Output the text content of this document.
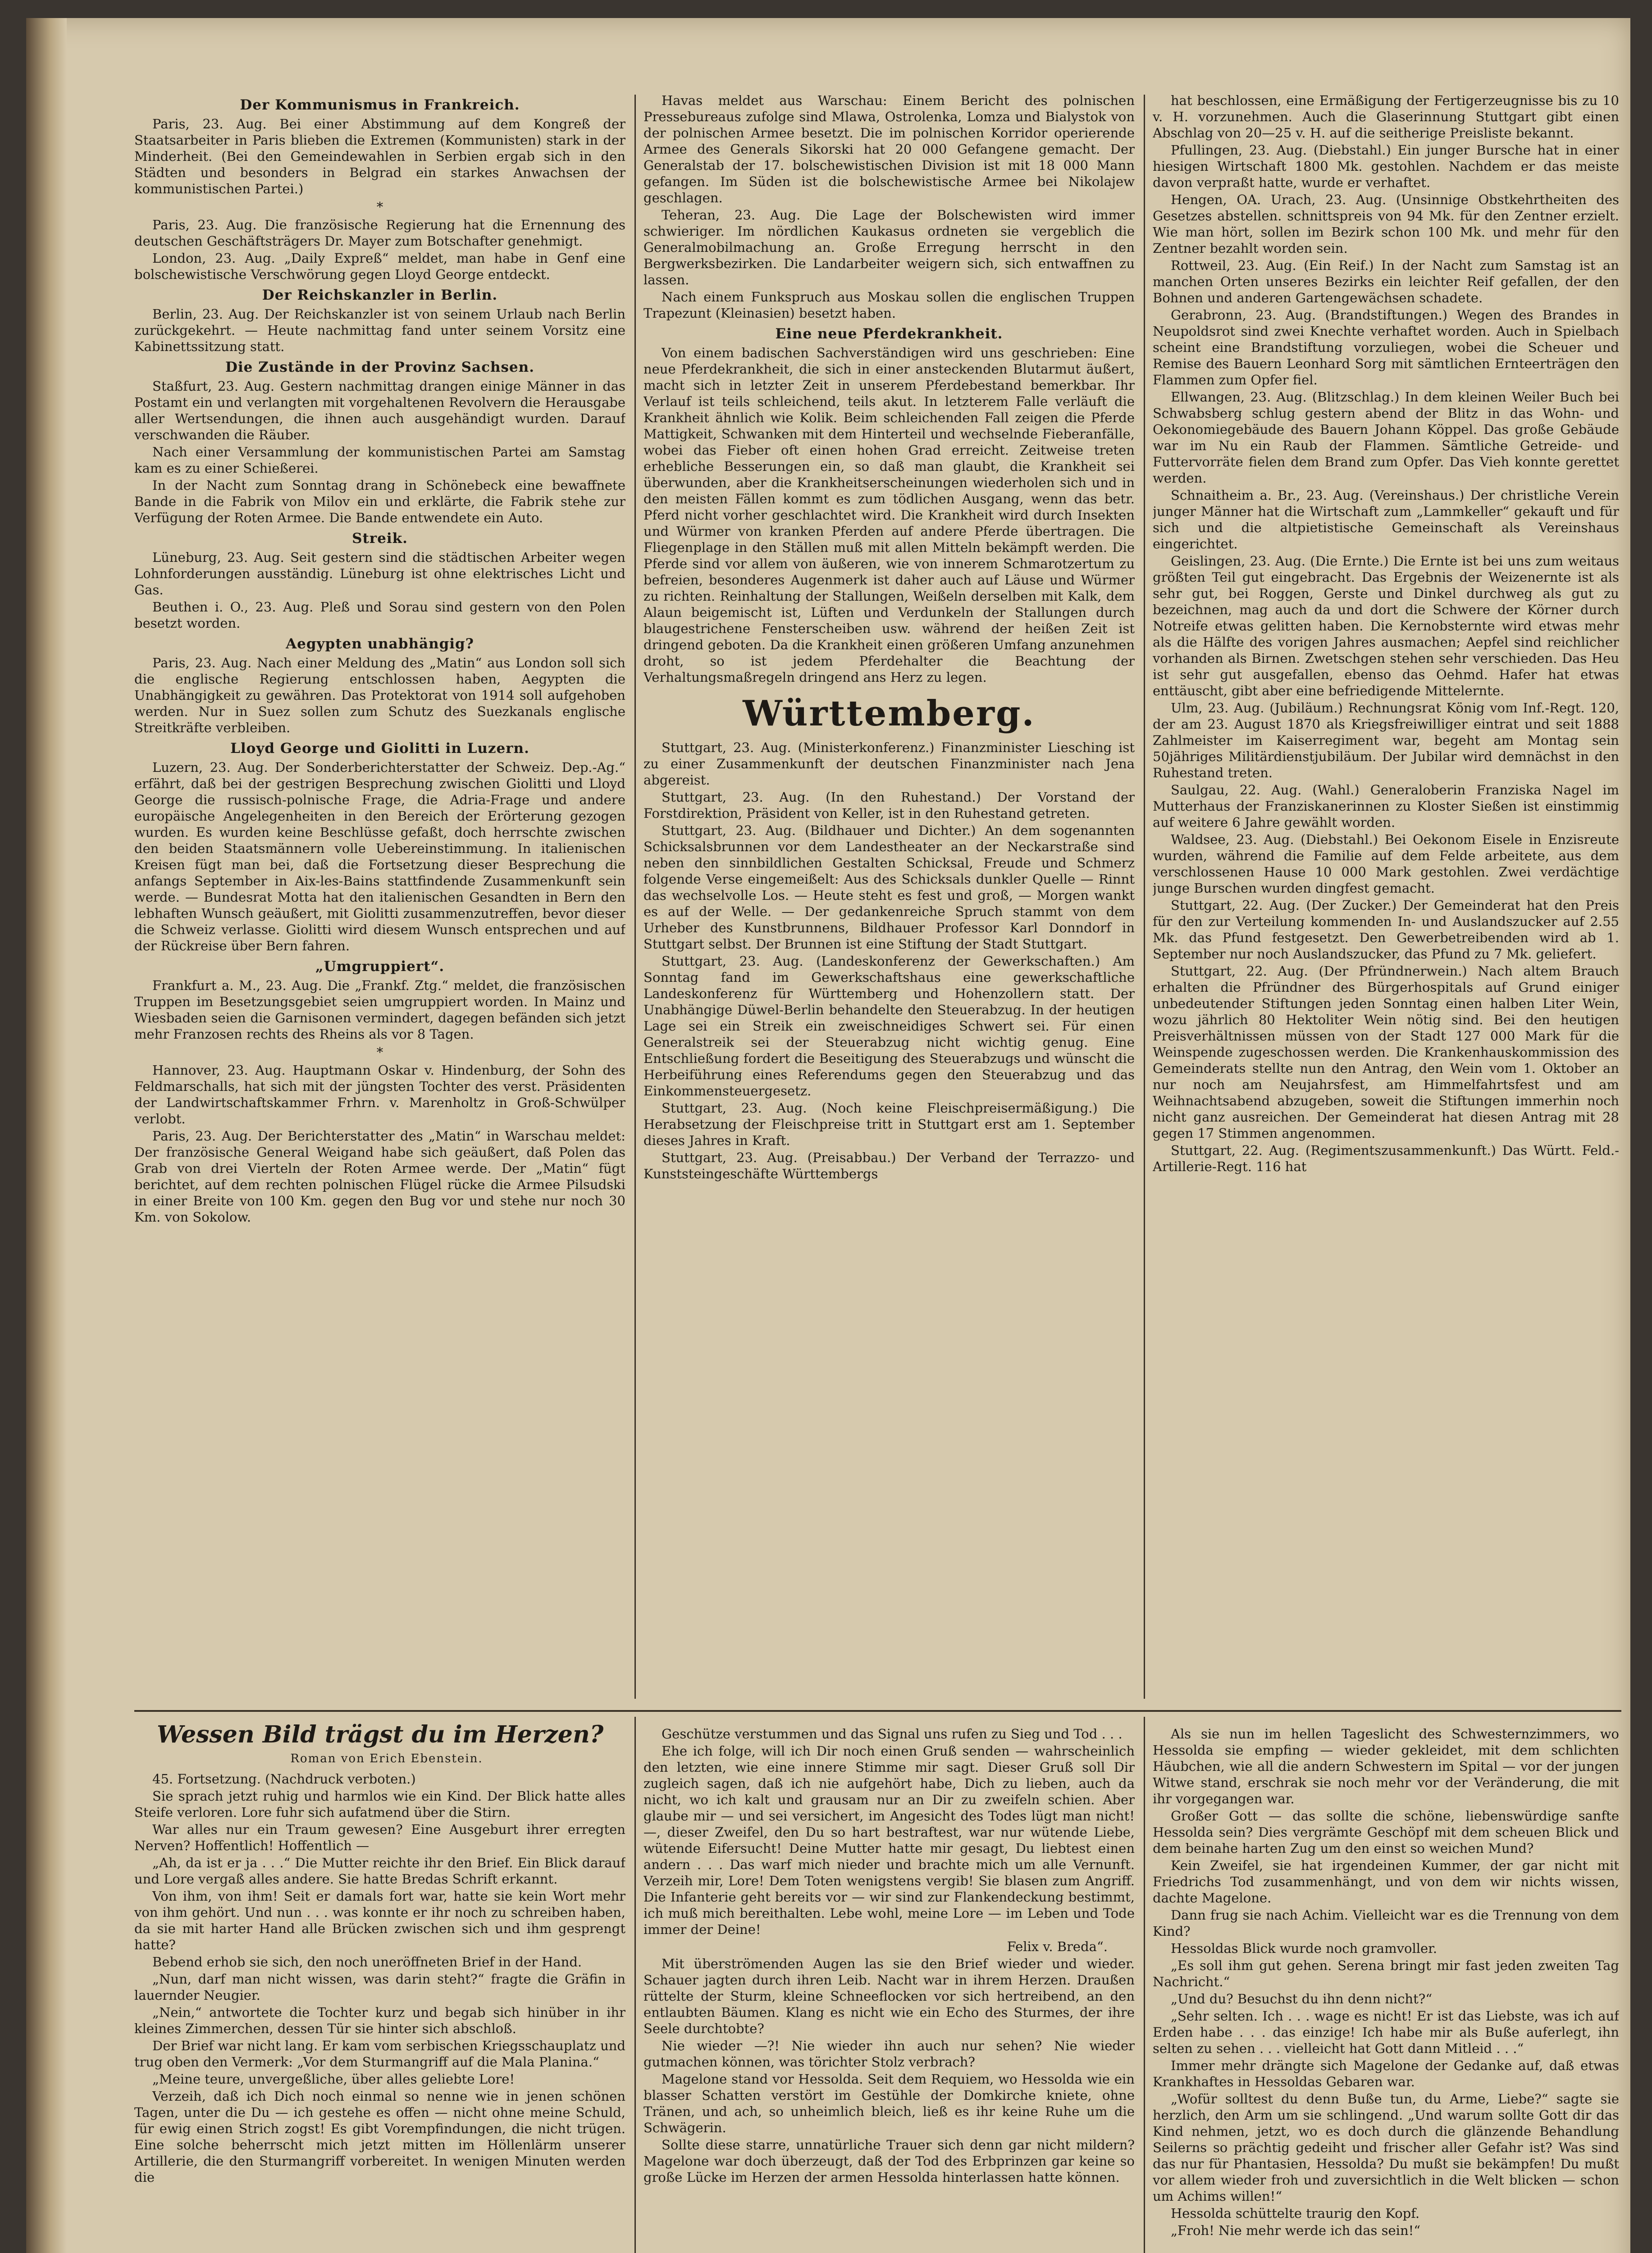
Der Kommunismus in Frankreich.

Paris, 23. Aug. Bei einer Abstimmung auf dem Kongreß der Staatsarbeiter in Paris blieben die Extremen (Kommunisten) stark in der Minderheit. (Bei den Gemeindewahlen in Serbien ergab sich in den Städten und besonders in Belgrad ein starkes Anwachsen der kommunistischen Partei.)

*

Paris, 23. Aug. Die französische Regierung hat die Ernennung des deutschen Geschäftsträgers Dr. Mayer zum Botschafter genehmigt.

London, 23. Aug. „Daily Expreß“ meldet, man habe in Genf eine bolschewistische Verschwörung gegen Lloyd George entdeckt.

Der Reichskanzler in Berlin.

Berlin, 23. Aug. Der Reichskanzler ist von seinem Urlaub nach Berlin zurückgekehrt. — Heute nachmittag fand unter seinem Vorsitz eine Kabinettssitzung statt.

Die Zustände in der Provinz Sachsen.

Staßfurt, 23. Aug. Gestern nachmittag drangen einige Männer in das Postamt ein und verlangten mit vorgehaltenen Revolvern die Herausgabe aller Wertsendungen, die ihnen auch ausgehändigt wurden. Darauf verschwanden die Räuber.

Nach einer Versammlung der kommunistischen Partei am Samstag kam es zu einer Schießerei.

In der Nacht zum Sonntag drang in Schönebeck eine bewaffnete Bande in die Fabrik von Milov ein und erklärte, die Fabrik stehe zur Verfügung der Roten Armee. Die Bande entwendete ein Auto.

Streik.

Lüneburg, 23. Aug. Seit gestern sind die städtischen Arbeiter wegen Lohnforderungen ausständig. Lüneburg ist ohne elektrisches Licht und Gas.

Beuthen i. O., 23. Aug. Pleß und Sorau sind gestern von den Polen besetzt worden.

Aegypten unabhängig?

Paris, 23. Aug. Nach einer Meldung des „Matin“ aus London soll sich die englische Regierung entschlossen haben, Aegypten die Unabhängigkeit zu gewähren. Das Protektorat von 1914 soll aufgehoben werden. Nur in Suez sollen zum Schutz des Suezkanals englische Streitkräfte verbleiben.

Lloyd George und Giolitti in Luzern.

Luzern, 23. Aug. Der Sonderberichterstatter der Schweiz. Dep.-Ag.“ erfährt, daß bei der gestrigen Besprechung zwischen Giolitti und Lloyd George die russisch-polnische Frage, die Adria-Frage und andere europäische Angelegenheiten in den Bereich der Erörterung gezogen wurden. Es wurden keine Beschlüsse gefaßt, doch herrschte zwischen den beiden Staatsmännern volle Uebereinstimmung. In italienischen Kreisen fügt man bei, daß die Fortsetzung dieser Besprechung die anfangs September in Aix-les-Bains stattfindende Zusammenkunft sein werde. — Bundesrat Motta hat den italienischen Gesandten in Bern den lebhaften Wunsch geäußert, mit Giolitti zusammenzutreffen, bevor dieser die Schweiz verlasse. Giolitti wird diesem Wunsch entsprechen und auf der Rückreise über Bern fahren.

„Umgruppiert“.

Frankfurt a. M., 23. Aug. Die „Frankf. Ztg.“ meldet, die französischen Truppen im Besetzungsgebiet seien umgruppiert worden. In Mainz und Wiesbaden seien die Garnisonen vermindert, dagegen befänden sich jetzt mehr Franzosen rechts des Rheins als vor 8 Tagen.

*

Hannover, 23. Aug. Hauptmann Oskar v. Hindenburg, der Sohn des Feldmarschalls, hat sich mit der jüngsten Tochter des verst. Präsidenten der Landwirtschaftskammer Frhrn. v. Marenholtz in Groß-Schwülper verlobt.

Paris, 23. Aug. Der Berichterstatter des „Matin“ in Warschau meldet: Der französische General Weigand habe sich geäußert, daß Polen das Grab von drei Vierteln der Roten Armee werde. Der „Matin“ fügt berichtet, auf dem rechten polnischen Flügel rücke die Armee Pilsudski in einer Breite von 100 Km. gegen den Bug vor und stehe nur noch 30 Km. von Sokolow.

Havas meldet aus Warschau: Einem Bericht des polnischen Pressebureaus zufolge sind Mlawa, Ostrolenka, Lomza und Bialystok von der polnischen Armee besetzt. Die im polnischen Korridor operierende Armee des Generals Sikorski hat 20 000 Gefangene gemacht. Der Generalstab der 17. bolschewistischen Division ist mit 18 000 Mann gefangen. Im Süden ist die bolschewistische Armee bei Nikolajew geschlagen.

Teheran, 23. Aug. Die Lage der Bolschewisten wird immer schwieriger. Im nördlichen Kaukasus ordneten sie vergeblich die Generalmobilmachung an. Große Erregung herrscht in den Bergwerksbezirken. Die Landarbeiter weigern sich, sich entwaffnen zu lassen.

Nach einem Funkspruch aus Moskau sollen die englischen Truppen Trapezunt (Kleinasien) besetzt haben.

Eine neue Pferdekrankheit.

Von einem badischen Sachverständigen wird uns geschrieben: Eine neue Pferdekrankheit, die sich in einer ansteckenden Blutarmut äußert, macht sich in letzter Zeit in unserem Pferdebestand bemerkbar. Ihr Verlauf ist teils schleichend, teils akut. In letzterem Falle verläuft die Krankheit ähnlich wie Kolik. Beim schleichenden Fall zeigen die Pferde Mattigkeit, Schwanken mit dem Hinterteil und wechselnde Fieberanfälle, wobei das Fieber oft einen hohen Grad erreicht. Zeitweise treten erhebliche Besserungen ein, so daß man glaubt, die Krankheit sei überwunden, aber die Krankheitserscheinungen wiederholen sich und in den meisten Fällen kommt es zum tödlichen Ausgang, wenn das betr. Pferd nicht vorher geschlachtet wird. Die Krankheit wird durch Insekten und Würmer von kranken Pferden auf andere Pferde übertragen. Die Fliegenplage in den Ställen muß mit allen Mitteln bekämpft werden. Die Pferde sind vor allem von äußeren, wie von innerem Schmarotzertum zu befreien, besonderes Augenmerk ist daher auch auf Läuse und Würmer zu richten. Reinhaltung der Stallungen, Weißeln derselben mit Kalk, dem Alaun beigemischt ist, Lüften und Verdunkeln der Stallungen durch blaugestrichene Fensterscheiben usw. während der heißen Zeit ist dringend geboten. Da die Krankheit einen größeren Umfang anzunehmen droht, so ist jedem Pferdehalter die Beachtung der Verhaltungsmaßregeln dringend ans Herz zu legen.

Württemberg.

Stuttgart, 23. Aug. (Ministerkonferenz.) Finanzminister Liesching ist zu einer Zusammenkunft der deutschen Finanzminister nach Jena abgereist.

Stuttgart, 23. Aug. (In den Ruhestand.) Der Vorstand der Forstdirektion, Präsident von Keller, ist in den Ruhestand getreten.

Stuttgart, 23. Aug. (Bildhauer und Dichter.) An dem sogenannten Schicksalsbrunnen vor dem Landestheater an der Neckarstraße sind neben den sinnbildlichen Gestalten Schicksal, Freude und Schmerz folgende Verse eingemeißelt: Aus des Schicksals dunkler Quelle — Rinnt das wechselvolle Los. — Heute steht es fest und groß, — Morgen wankt es auf der Welle. — Der gedankenreiche Spruch stammt von dem Urheber des Kunstbrunnens, Bildhauer Professor Karl Donndorf in Stuttgart selbst. Der Brunnen ist eine Stiftung der Stadt Stuttgart.

Stuttgart, 23. Aug. (Landeskonferenz der Gewerkschaften.) Am Sonntag fand im Gewerkschaftshaus eine gewerkschaftliche Landeskonferenz für Württemberg und Hohenzollern statt. Der Unabhängige Düwel-Berlin behandelte den Steuerabzug. In der heutigen Lage sei ein Streik ein zweischneidiges Schwert sei. Für einen Generalstreik sei der Steuerabzug nicht wichtig genug. Eine Entschließung fordert die Beseitigung des Steuerabzugs und wünscht die Herbeiführung eines Referendums gegen den Steuerabzug und das Einkommensteuergesetz.

Stuttgart, 23. Aug. (Noch keine Fleischpreisermäßigung.) Die Herabsetzung der Fleischpreise tritt in Stuttgart erst am 1. September dieses Jahres in Kraft.

Stuttgart, 23. Aug. (Preisabbau.) Der Verband der Terrazzo- und Kunststeingeschäfte Württembergs

hat beschlossen, eine Ermäßigung der Fertigerzeugnisse bis zu 10 v. H. vorzunehmen. Auch die Glaserinnung Stuttgart gibt einen Abschlag von 20—25 v. H. auf die seitherige Preisliste bekannt.

Pfullingen, 23. Aug. (Diebstahl.) Ein junger Bursche hat in einer hiesigen Wirtschaft 1800 Mk. gestohlen. Nachdem er das meiste davon verpraßt hatte, wurde er verhaftet.

Hengen, OA. Urach, 23. Aug. (Unsinnige Obstkehrtheiten des Gesetzes abstellen. schnittspreis von 94 Mk. für den Zentner erzielt. Wie man hört, sollen im Bezirk schon 100 Mk. und mehr für den Zentner bezahlt worden sein.

Rottweil, 23. Aug. (Ein Reif.) In der Nacht zum Samstag ist an manchen Orten unseres Bezirks ein leichter Reif gefallen, der den Bohnen und anderen Gartengewächsen schadete.

Gerabronn, 23. Aug. (Brandstiftungen.) Wegen des Brandes in Neupoldsrot sind zwei Knechte verhaftet worden. Auch in Spielbach scheint eine Brandstiftung vorzuliegen, wobei die Scheuer und Remise des Bauern Leonhard Sorg mit sämtlichen Ernteerträgen den Flammen zum Opfer fiel.

Ellwangen, 23. Aug. (Blitzschlag.) In dem kleinen Weiler Buch bei Schwabsberg schlug gestern abend der Blitz in das Wohn- und Oekonomiegebäude des Bauern Johann Köppel. Das große Gebäude war im Nu ein Raub der Flammen. Sämtliche Getreide- und Futtervorräte fielen dem Brand zum Opfer. Das Vieh konnte gerettet werden.

Schnaitheim a. Br., 23. Aug. (Vereinshaus.) Der christliche Verein junger Männer hat die Wirtschaft zum „Lammkeller“ gekauft und für sich und die altpietistische Gemeinschaft als Vereinshaus eingerichtet.

Geislingen, 23. Aug. (Die Ernte.) Die Ernte ist bei uns zum weitaus größten Teil gut eingebracht. Das Ergebnis der Weizenernte ist als sehr gut, bei Roggen, Gerste und Dinkel durchweg als gut zu bezeichnen, mag auch da und dort die Schwere der Körner durch Notreife etwas gelitten haben. Die Kernobsternte wird etwas mehr als die Hälfte des vorigen Jahres ausmachen; Aepfel sind reichlicher vorhanden als Birnen. Zwetschgen stehen sehr verschieden. Das Heu ist sehr gut ausgefallen, ebenso das Oehmd. Hafer hat etwas enttäuscht, gibt aber eine befriedigende Mittelernte.

Ulm, 23. Aug. (Jubiläum.) Rechnungsrat König vom Inf.-Regt. 120, der am 23. August 1870 als Kriegsfreiwilliger eintrat und seit 1888 Zahlmeister im Kaiserregiment war, begeht am Montag sein 50jähriges Militärdienstjubiläum. Der Jubilar wird demnächst in den Ruhestand treten.

Saulgau, 22. Aug. (Wahl.) Generaloberin Franziska Nagel im Mutterhaus der Franziskanerinnen zu Kloster Sießen ist einstimmig auf weitere 6 Jahre gewählt worden.

Waldsee, 23. Aug. (Diebstahl.) Bei Oekonom Eisele in Enzisreute wurden, während die Familie auf dem Felde arbeitete, aus dem verschlossenen Hause 10 000 Mark gestohlen. Zwei verdächtige junge Burschen wurden dingfest gemacht.

Stuttgart, 22. Aug. (Der Zucker.) Der Gemeinderat hat den Preis für den zur Verteilung kommenden In- und Auslandszucker auf 2.55 Mk. das Pfund festgesetzt. Den Gewerbetreibenden wird ab 1. September nur noch Auslandszucker, das Pfund zu 7 Mk. geliefert.

Stuttgart, 22. Aug. (Der Pfründnerwein.) Nach altem Brauch erhalten die Pfründner des Bürgerhospitals auf Grund einiger unbedeutender Stiftungen jeden Sonntag einen halben Liter Wein, wozu jährlich 80 Hektoliter Wein nötig sind. Bei den heutigen Preisverhältnissen müssen von der Stadt 127 000 Mark für die Weinspende zugeschossen werden. Die Krankenhauskommission des Gemeinderats stellte nun den Antrag, den Wein vom 1. Oktober an nur noch am Neujahrsfest, am Himmelfahrtsfest und am Weihnachtsabend abzugeben, soweit die Stiftungen immerhin noch nicht ganz ausreichen. Der Gemeinderat hat diesen Antrag mit 28 gegen 17 Stimmen angenommen.

Stuttgart, 22. Aug. (Regimentszusammenkunft.) Das Württ. Feld.-Artillerie-Regt. 116 hat

Wessen Bild trägst du im Herzen?
Roman von Erich Ebenstein.

45. Fortsetzung. (Nachdruck verboten.)

Sie sprach jetzt ruhig und harmlos wie ein Kind. Der Blick hatte alles Steife verloren. Lore fuhr sich aufatmend über die Stirn.

War alles nur ein Traum gewesen? Eine Ausgeburt ihrer erregten Nerven? Hoffentlich! Hoffentlich —

„Ah, da ist er ja . . .“ Die Mutter reichte ihr den Brief. Ein Blick darauf und Lore vergaß alles andere. Sie hatte Bredas Schrift erkannt.

Von ihm, von ihm! Seit er damals fort war, hatte sie kein Wort mehr von ihm gehört. Und nun . . . was konnte er ihr noch zu schreiben haben, da sie mit harter Hand alle Brücken zwischen sich und ihm gesprengt hatte?

Bebend erhob sie sich, den noch uneröffneten Brief in der Hand.

„Nun, darf man nicht wissen, was darin steht?“ fragte die Gräfin in lauernder Neugier.

„Nein,“ antwortete die Tochter kurz und begab sich hinüber in ihr kleines Zimmerchen, dessen Tür sie hinter sich abschloß.

Der Brief war nicht lang. Er kam vom serbischen Kriegsschauplatz und trug oben den Vermerk: „Vor dem Sturmangriff auf die Mala Planina.“

„Meine teure, unvergeßliche, über alles geliebte Lore!

Verzeih, daß ich Dich noch einmal so nenne wie in jenen schönen Tagen, unter die Du — ich gestehe es offen — nicht ohne meine Schuld, für ewig einen Strich zogst! Es gibt Vorempfindungen, die nicht trügen. Eine solche beherrscht mich jetzt mitten im Höllenlärm unserer Artillerie, die den Sturmangriff vorbereitet. In wenigen Minuten werden die

Geschütze verstummen und das Signal uns rufen zu Sieg und Tod . . .

Ehe ich folge, will ich Dir noch einen Gruß senden — wahrscheinlich den letzten, wie eine innere Stimme mir sagt. Dieser Gruß soll Dir zugleich sagen, daß ich nie aufgehört habe, Dich zu lieben, auch da nicht, wo ich kalt und grausam nur an Dir zu zweifeln schien. Aber glaube mir — und sei versichert, im Angesicht des Todes lügt man nicht! —, dieser Zweifel, den Du so hart bestraftest, war nur wütende Liebe, wütende Eifersucht! Deine Mutter hatte mir gesagt, Du liebtest einen andern . . . Das warf mich nieder und brachte mich um alle Vernunft. Verzeih mir, Lore! Dem Toten wenigstens vergib! Sie blasen zum Angriff. Die Infanterie geht bereits vor — wir sind zur Flankendeckung bestimmt, ich muß mich bereithalten. Lebe wohl, meine Lore — im Leben und Tode immer der Deine!

Felix v. Breda“.

Mit überströmenden Augen las sie den Brief wieder und wieder. Schauer jagten durch ihren Leib. Nacht war in ihrem Herzen. Draußen rüttelte der Sturm, kleine Schneeflocken vor sich hertreibend, an den entlaubten Bäumen. Klang es nicht wie ein Echo des Sturmes, der ihre Seele durchtobte?

Nie wieder —?! Nie wieder ihn auch nur sehen? Nie wieder gutmachen können, was törichter Stolz verbrach?

Magelone stand vor Hessolda. Seit dem Requiem, wo Hessolda wie ein blasser Schatten verstört im Gestühle der Domkirche kniete, ohne Tränen, und ach, so unheimlich bleich, ließ es ihr keine Ruhe um die Schwägerin.

Sollte diese starre, unnatürliche Trauer sich denn gar nicht mildern? Magelone war doch überzeugt, daß der Tod des Erbprinzen gar keine so große Lücke im Herzen der armen Hessolda hinterlassen hatte können.

Als sie nun im hellen Tageslicht des Schwesternzimmers, wo Hessolda sie empfing — wieder gekleidet, mit dem schlichten Häubchen, wie all die andern Schwestern im Spital — vor der jungen Witwe stand, erschrak sie noch mehr vor der Veränderung, die mit ihr vorgegangen war.

Großer Gott — das sollte die schöne, liebenswürdige sanfte Hessolda sein? Dies vergrämte Geschöpf mit dem scheuen Blick und dem beinahe harten Zug um den einst so weichen Mund?

Kein Zweifel, sie hat irgendeinen Kummer, der gar nicht mit Friedrichs Tod zusammenhängt, und von dem wir nichts wissen, dachte Magelone.

Dann frug sie nach Achim. Vielleicht war es die Trennung von dem Kind?

Hessoldas Blick wurde noch gramvoller.

„Es soll ihm gut gehen. Serena bringt mir fast jeden zweiten Tag Nachricht.“

„Und du? Besuchst du ihn denn nicht?“

„Sehr selten. Ich . . . wage es nicht! Er ist das Liebste, was ich auf Erden habe . . . das einzige! Ich habe mir als Buße auferlegt, ihn selten zu sehen . . . vielleicht hat Gott dann Mitleid . . .“

Immer mehr drängte sich Magelone der Gedanke auf, daß etwas Krankhaftes in Hessoldas Gebaren war.

„Wofür solltest du denn Buße tun, du Arme, Liebe?“ sagte sie herzlich, den Arm um sie schlingend. „Und warum sollte Gott dir das Kind nehmen, jetzt, wo es doch durch die glänzende Behandlung Seilerns so prächtig gedeiht und frischer aller Gefahr ist? Was sind das nur für Phantasien, Hessolda? Du mußt sie bekämpfen! Du mußt vor allem wieder froh und zuversichtlich in die Welt blicken — schon um Achims willen!“

Hessolda schüttelte traurig den Kopf.

„Froh! Nie mehr werde ich das sein!“
